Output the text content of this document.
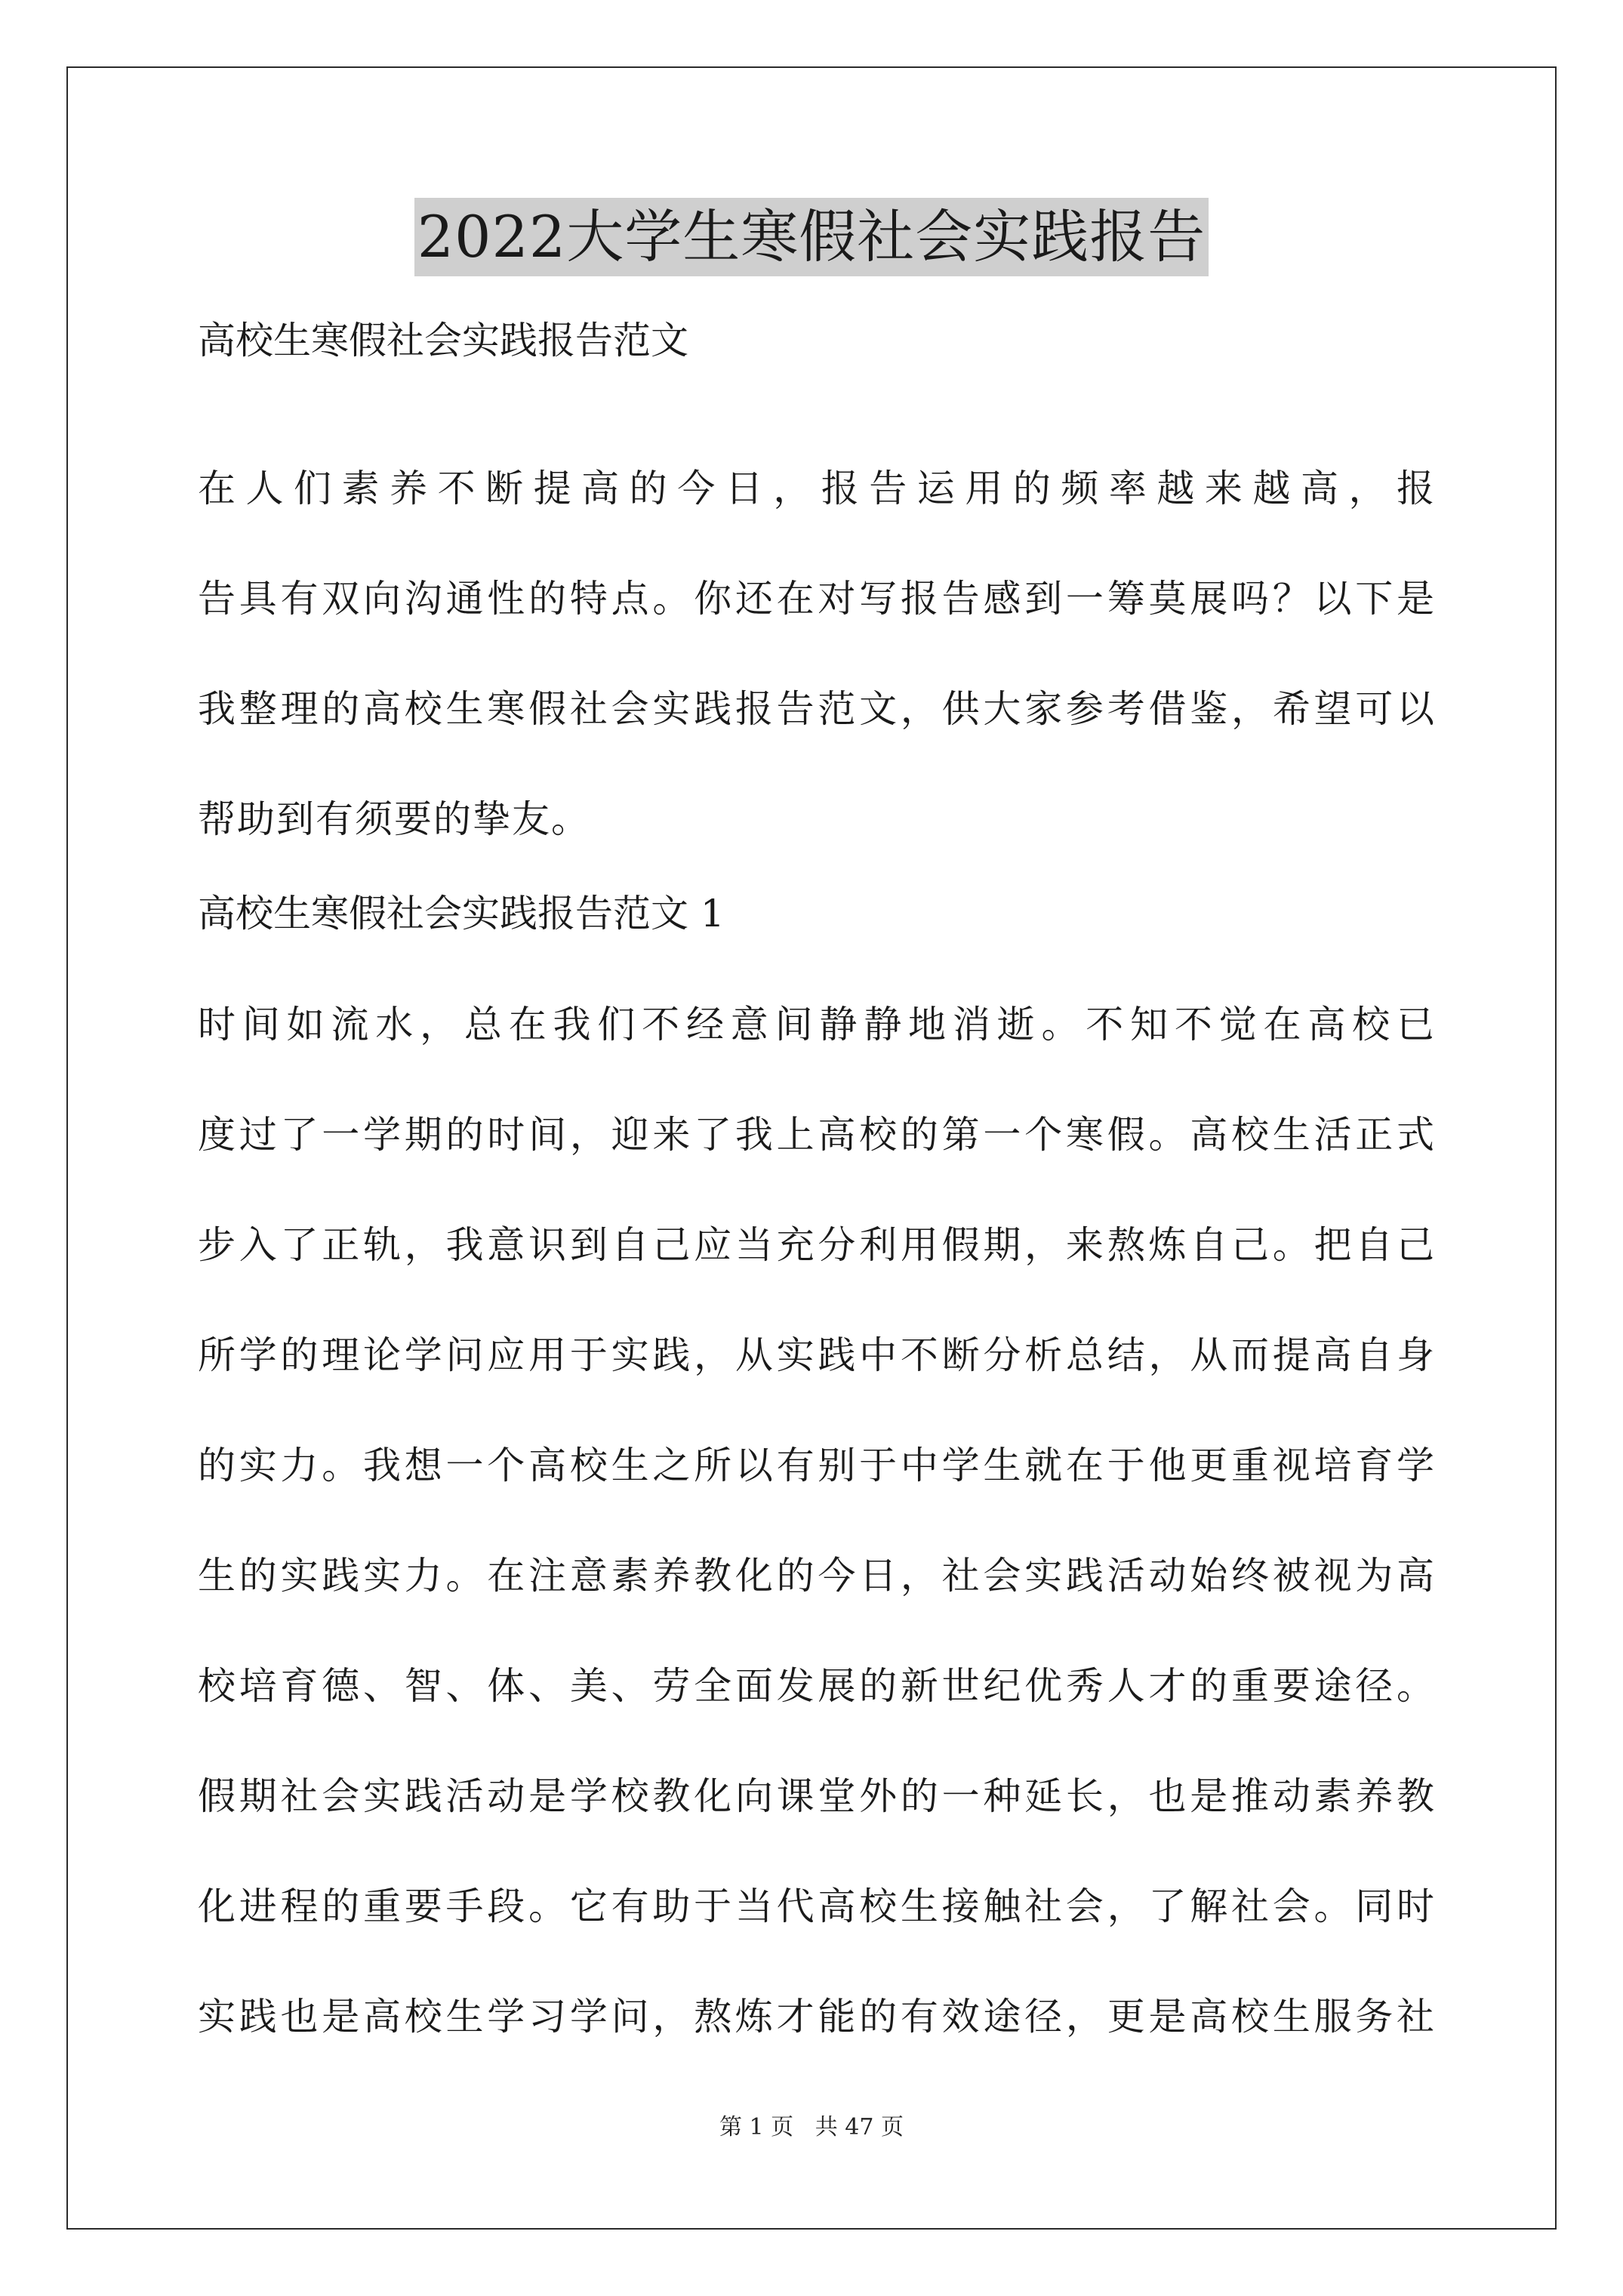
2022大学生寒假社会实践报告

高校生寒假社会实践报告范文

在人们素养不断提高的今日，报告运用的频率越来越高，报

告具有双向沟通性的特点。你还在对写报告感到一筹莫展吗？以下是

我整理的高校生寒假社会实践报告范文，供大家参考借鉴，希望可以

帮助到有须要的挚友。

高校生寒假社会实践报告范文 1

时间如流水，总在我们不经意间静静地消逝。不知不觉在高校已

度过了一学期的时间，迎来了我上高校的第一个寒假。高校生活正式

步入了正轨，我意识到自己应当充分利用假期，来熬炼自己。把自己

所学的理论学问应用于实践，从实践中不断分析总结，从而提高自身

的实力。我想一个高校生之所以有别于中学生就在于他更重视培育学

生的实践实力。在注意素养教化的今日，社会实践活动始终被视为高

校培育德、智、体、美、劳全面发展的新世纪优秀人才的重要途径。

假期社会实践活动是学校教化向课堂外的一种延长，也是推动素养教

化进程的重要手段。它有助于当代高校生接触社会，了解社会。同时

实践也是高校生学习学问，熬炼才能的有效途径，更是高校生服务社

第 1 页   共 47 页
